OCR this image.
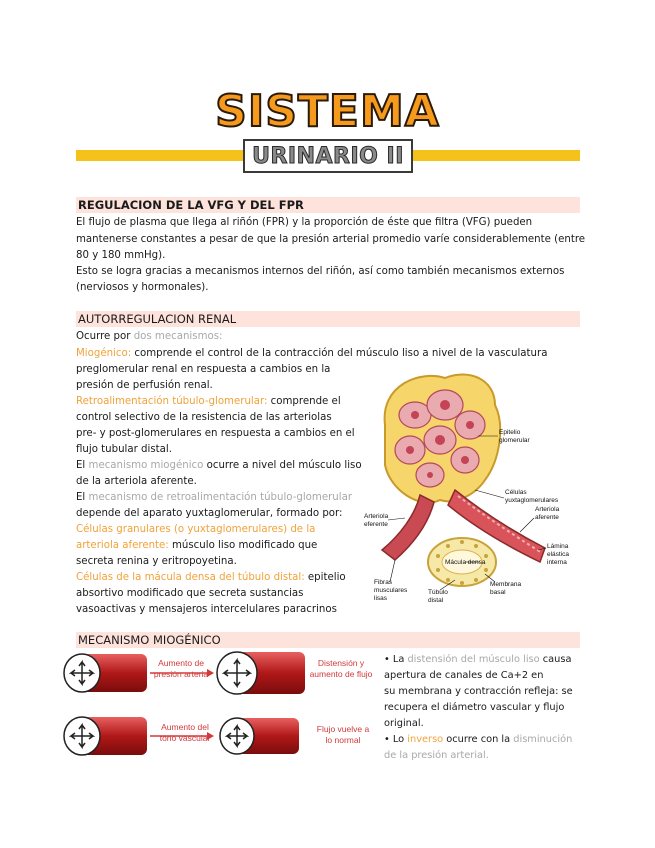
SISTEMA
URINARIO II
REGULACION DE LA VFG Y DEL FPR
El flujo de plasma que llega al riñón (FPR) y la proporción de éste que filtra (VFG) pueden
mantenerse constantes a pesar de que la presión arterial promedio varíe considerablemente (entre
80 y 180 mmHg).
Esto se logra gracias a mecanismos internos del riñón, así como también mecanismos externos
(nerviosos y hormonales).
AUTORREGULACION RENAL
Ocurre por dos mecanismos:
Miogénico: comprende el control de la contracción del músculo liso a nivel de la vasculatura
preglomerular renal en respuesta a cambios en la
presión de perfusión renal.
Retroalimentación túbulo-glomerular: comprende el
control selectivo de la resistencia de las arteriolas
pre- y post-glomerulares en respuesta a cambios en el
flujo tubular distal.
El mecanismo miogénico ocurre a nivel del músculo liso
de la arteriola aferente.
El mecanismo de retroalimentación túbulo-glomerular
depende del aparato yuxtaglomerular, formado por:
Células granulares (o yuxtaglomerulares) de la
arteriola aferente: músculo liso modificado que
secreta renina y eritropoyetina.
Células de la mácula densa del túbulo distal: epitelio
absortivo modificado que secreta sustancias
vasoactivas y mensajeros intercelulares paracrinos
Epitelio
glomerular
Células
yuxtaglomerulares
Arteriola
aferente
Arteriola
eferente
Lámina
elástica
interna
Mácula densa
Fibras
musculares
lisas
Túbulo
distal
Membrana
basal
MECANISMO MIOGÉNICO
Aumento de
presión arteria
Distensión y
aumento de flujo
Aumento del
tono vascular
Flujo vuelve a
lo normal
• La distensión del músculo liso causa
apertura de canales de Ca+2 en
su membrana y contracción refleja: se
recupera el diámetro vascular y flujo
original.
• Lo inverso ocurre con la disminución
de la presión arterial.
